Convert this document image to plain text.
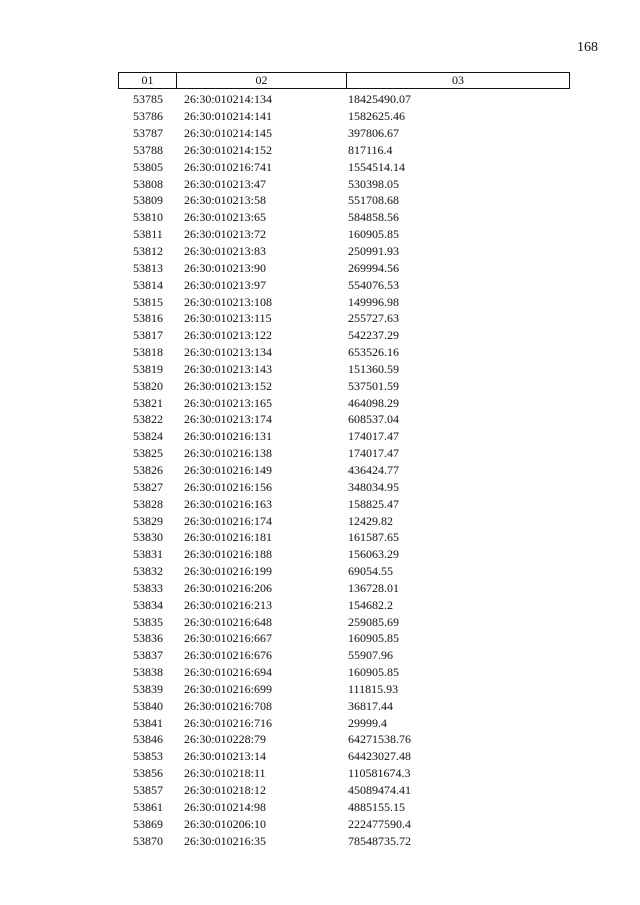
168
01	02	03
53785	26:30:010214:134	18425490.07
53786	26:30:010214:141	1582625.46
53787	26:30:010214:145	397806.67
53788	26:30:010214:152	817116.4
53805	26:30:010216:741	1554514.14
53808	26:30:010213:47	530398.05
53809	26:30:010213:58	551708.68
53810	26:30:010213:65	584858.56
53811	26:30:010213:72	160905.85
53812	26:30:010213:83	250991.93
53813	26:30:010213:90	269994.56
53814	26:30:010213:97	554076.53
53815	26:30:010213:108	149996.98
53816	26:30:010213:115	255727.63
53817	26:30:010213:122	542237.29
53818	26:30:010213:134	653526.16
53819	26:30:010213:143	151360.59
53820	26:30:010213:152	537501.59
53821	26:30:010213:165	464098.29
53822	26:30:010213:174	608537.04
53824	26:30:010216:131	174017.47
53825	26:30:010216:138	174017.47
53826	26:30:010216:149	436424.77
53827	26:30:010216:156	348034.95
53828	26:30:010216:163	158825.47
53829	26:30:010216:174	12429.82
53830	26:30:010216:181	161587.65
53831	26:30:010216:188	156063.29
53832	26:30:010216:199	69054.55
53833	26:30:010216:206	136728.01
53834	26:30:010216:213	154682.2
53835	26:30:010216:648	259085.69
53836	26:30:010216:667	160905.85
53837	26:30:010216:676	55907.96
53838	26:30:010216:694	160905.85
53839	26:30:010216:699	111815.93
53840	26:30:010216:708	36817.44
53841	26:30:010216:716	29999.4
53846	26:30:010228:79	64271538.76
53853	26:30:010213:14	64423027.48
53856	26:30:010218:11	110581674.3
53857	26:30:010218:12	45089474.41
53861	26:30:010214:98	4885155.15
53869	26:30:010206:10	222477590.4
53870	26:30:010216:35	78548735.72
